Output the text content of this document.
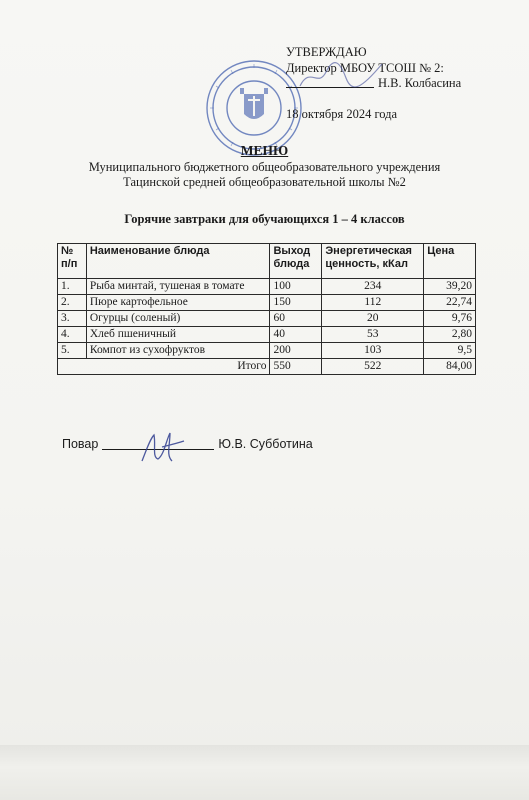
УТВЕРЖДАЮ
Директор МБОУ ТСОШ № 2:
Н.В. Колбасина
18 октября 2024 года
МЕНЮ
Муниципального бюджетного общеобразовательного учреждения
Тацинской средней общеобразовательной школы №2
Горячие завтраки для обучающихся 1 – 4 классов
№ п/п	Наименование блюда	Выход блюда	Энергетическая ценность, кКал	Цена
1.	Рыба минтай, тушеная в томате	100	234	39,20
2.	Пюре картофельное	150	112	22,74
3.	Огурцы (соленый)	60	20	9,76
4.	Хлеб пшеничный	40	53	2,80
5.	Компот из сухофруктов	200	103	9,5
Итого		550	522	84,00
Повар	Ю.В. Субботина
